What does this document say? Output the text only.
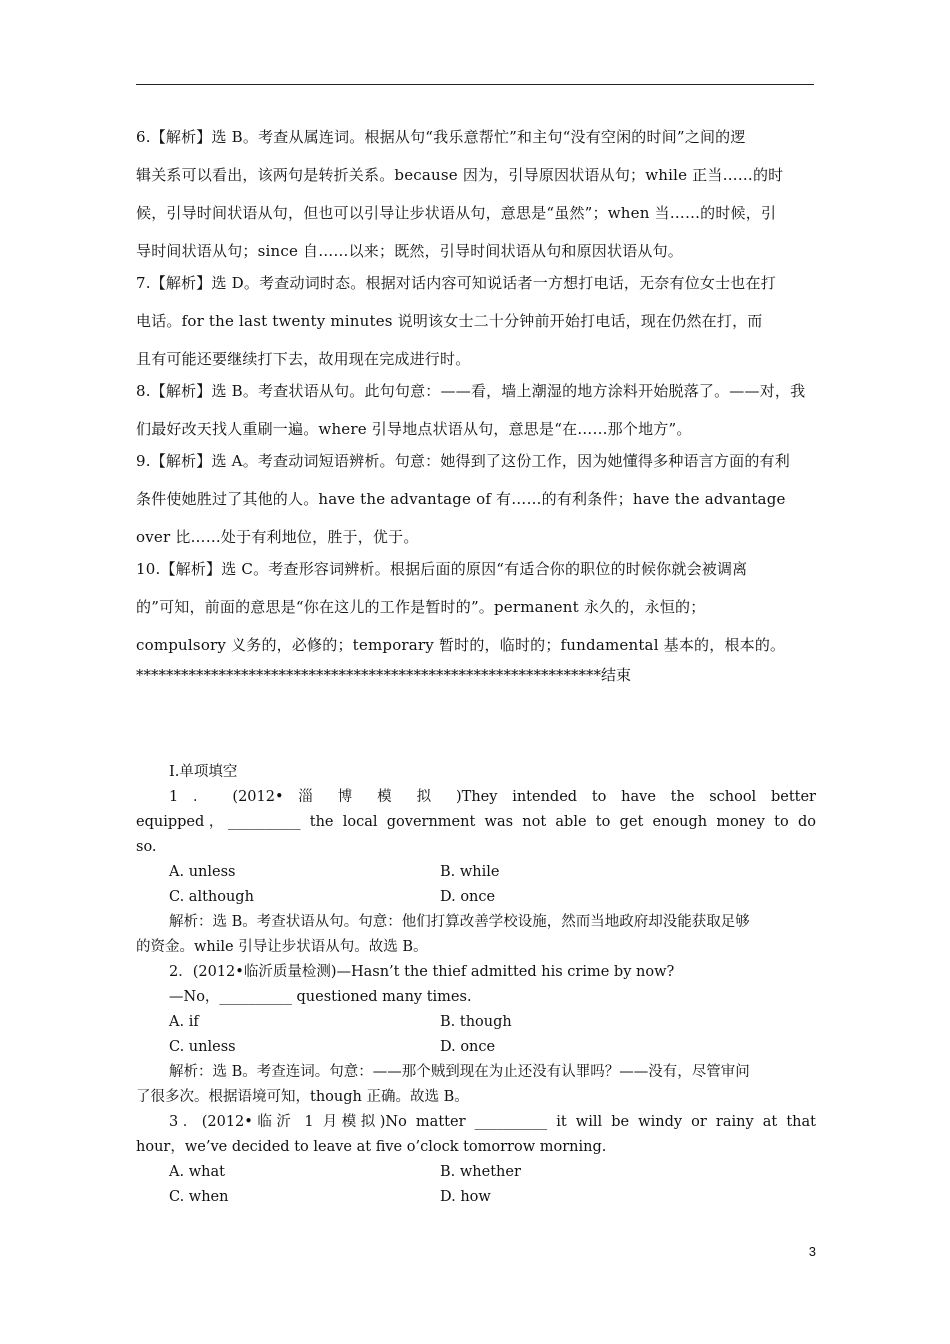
6.【解析】选 B。考查从属连词。根据从句“我乐意帮忙”和主句“没有空闲的时间”之间的逻
辑关系可以看出，该两句是转折关系。because 因为，引导原因状语从句；while 正当……的时
候，引导时间状语从句，但也可以引导让步状语从句，意思是“虽然”；when 当……的时候，引
导时间状语从句；since 自……以来；既然，引导时间状语从句和原因状语从句。
7.【解析】选 D。考查动词时态。根据对话内容可知说话者一方想打电话，无奈有位女士也在打
电话。for the last twenty minutes 说明该女士二十分钟前开始打电话，现在仍然在打，而
且有可能还要继续打下去，故用现在完成进行时。
8.【解析】选 B。考查状语从句。此句句意：——看，墙上潮湿的地方涂料开始脱落了。——对，我
们最好改天找人重刷一遍。where 引导地点状语从句，意思是“在……那个地方”。
9.【解析】选 A。考查动词短语辨析。句意：她得到了这份工作，因为她懂得多种语言方面的有利
条件使她胜过了其他的人。have the advantage of 有……的有利条件；have the advantage
over 比……处于有利地位，胜于，优于。
10.【解析】选 C。考查形容词辨析。根据后面的原因“有适合你的职位的时候你就会被调离
的”可知，前面的意思是“你在这儿的工作是暂时的”。permanent 永久的，永恒的；
compulsory 义务的，必修的；temporary 暂时的，临时的；fundamental 基本的，根本的。
**************************************************************结束
Ⅰ.单项填空
1 ． (2012• 淄 博 模 拟 )They intended to have the school better
equipped，__________ the local government was not able to get enough money to do
so.
A. unless	B. while
C. although	D. once
解析：选 B。考查状语从句。句意：他们打算改善学校设施，然而当地政府却没能获取足够
的资金。while 引导让步状语从句。故选 B。
2．(2012•临沂质量检测)—Hasn’t the thief admitted his crime by now?
—No，__________ questioned many times.
A. if	B. though
C. unless	D. once
解析：选 B。考查连词。句意：——那个贼到现在为止还没有认罪吗？——没有，尽管审问
了很多次。根据语境可知，though 正确。故选 B。
3．(2012•临沂 1 月模拟)No matter __________ it will be windy or rainy at that
hour，we’ve decided to leave at five o’clock tomorrow morning.
A. what	B. whether
C. when	D. how
3
